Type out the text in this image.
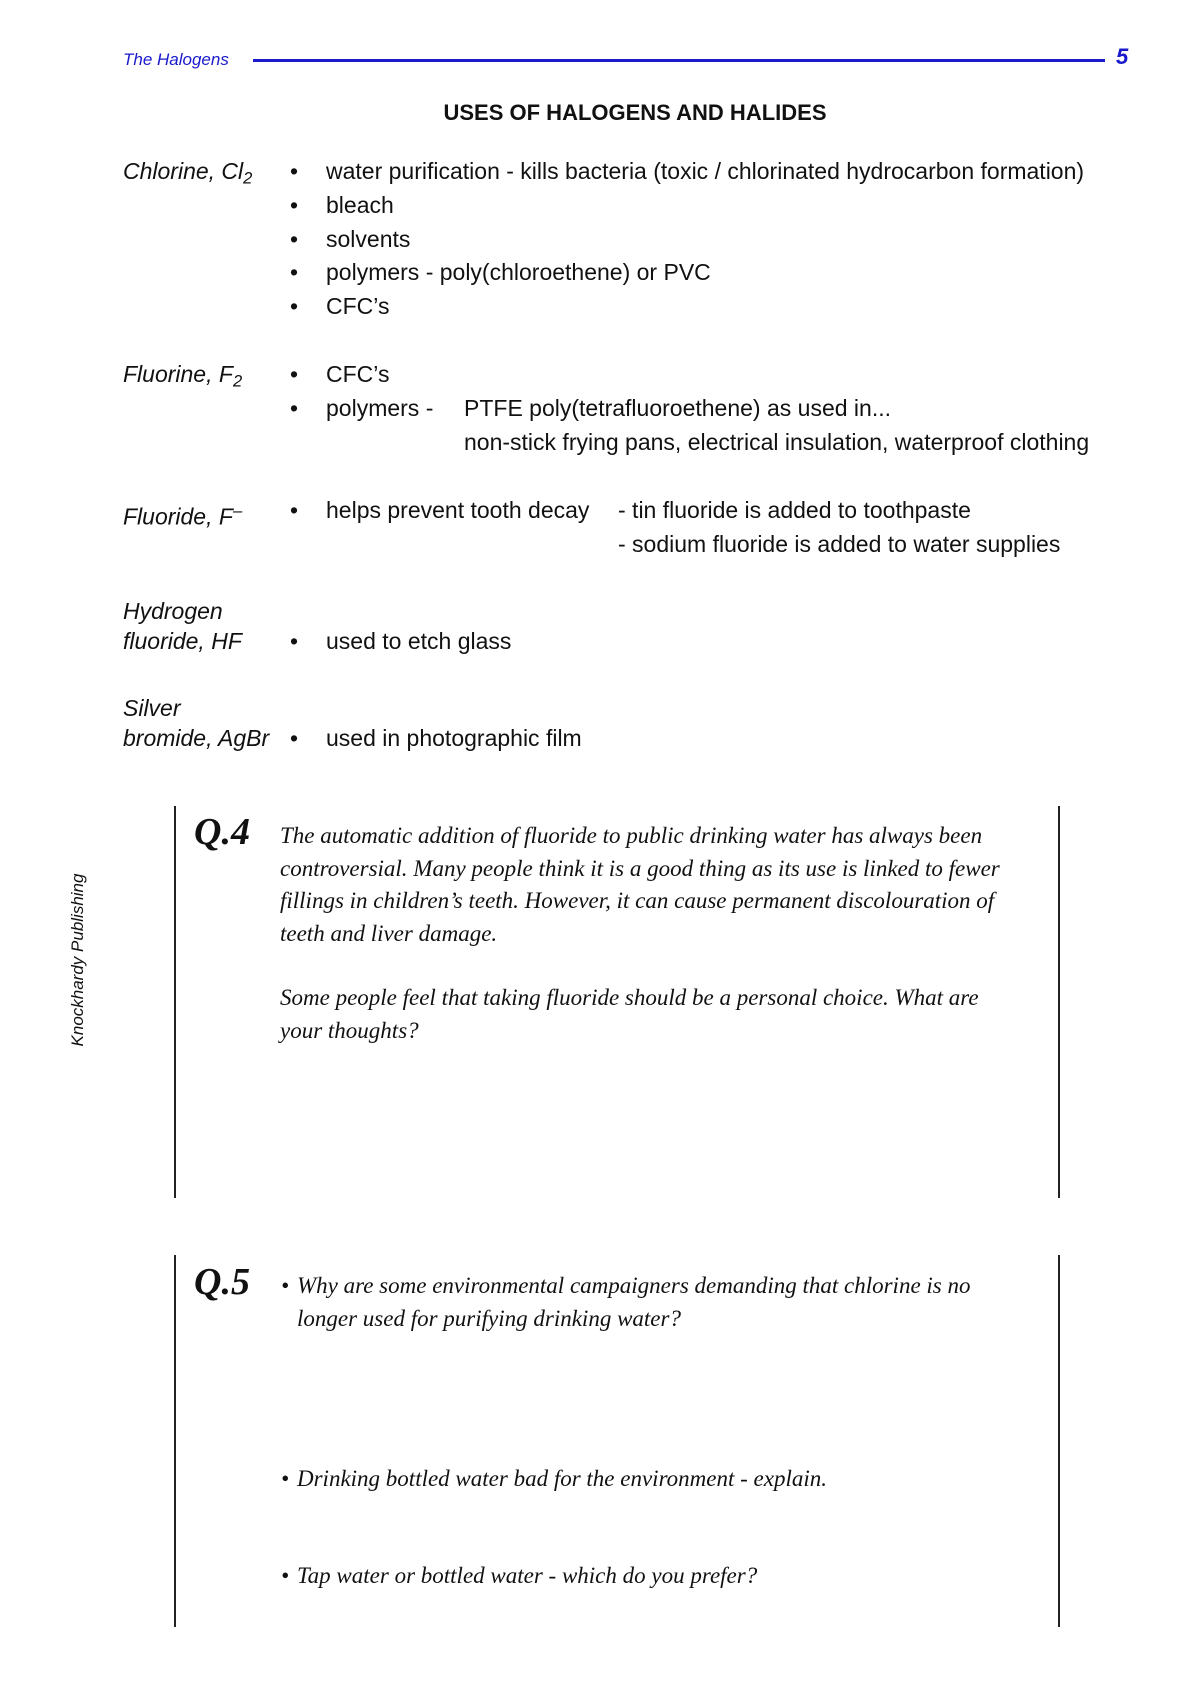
The Halogens	5
USES OF HALOGENS AND HALIDES
Chlorine, $Cl_2$ • water purification - kills bacteria (toxic / chlorinated hydrocarbon formation)
• bleach
• solvents
• polymers - poly(chloroethene) or PVC
• CFC’s
Fluorine, $F_2$ • CFC’s
• polymers - PTFE poly(tetrafluoroethene) as used in...
non-stick frying pans, electrical insulation, waterproof clothing
Fluoride, F– • helps prevent tooth decay - tin fluoride is added to toothpaste
- sodium fluoride is added to water supplies
Hydrogen
fluoride, HF • used to etch glass
Silver
bromide, AgBr • used in photographic film
Q.4 The automatic addition of fluoride to public drinking water has always been
controversial. Many people think it is a good thing as its use is linked to fewer
fillings in children’s teeth. However, it can cause permanent discolouration of
teeth and liver damage.
Some people feel that taking fluoride should be a personal choice. What are
your thoughts?
Q.5 • Why are some environmental campaigners demanding that chlorine is no
longer used for purifying drinking water?
• Drinking bottled water bad for the environment - explain.
• Tap water or bottled water - which do you prefer?
Knockhardy Publishing
